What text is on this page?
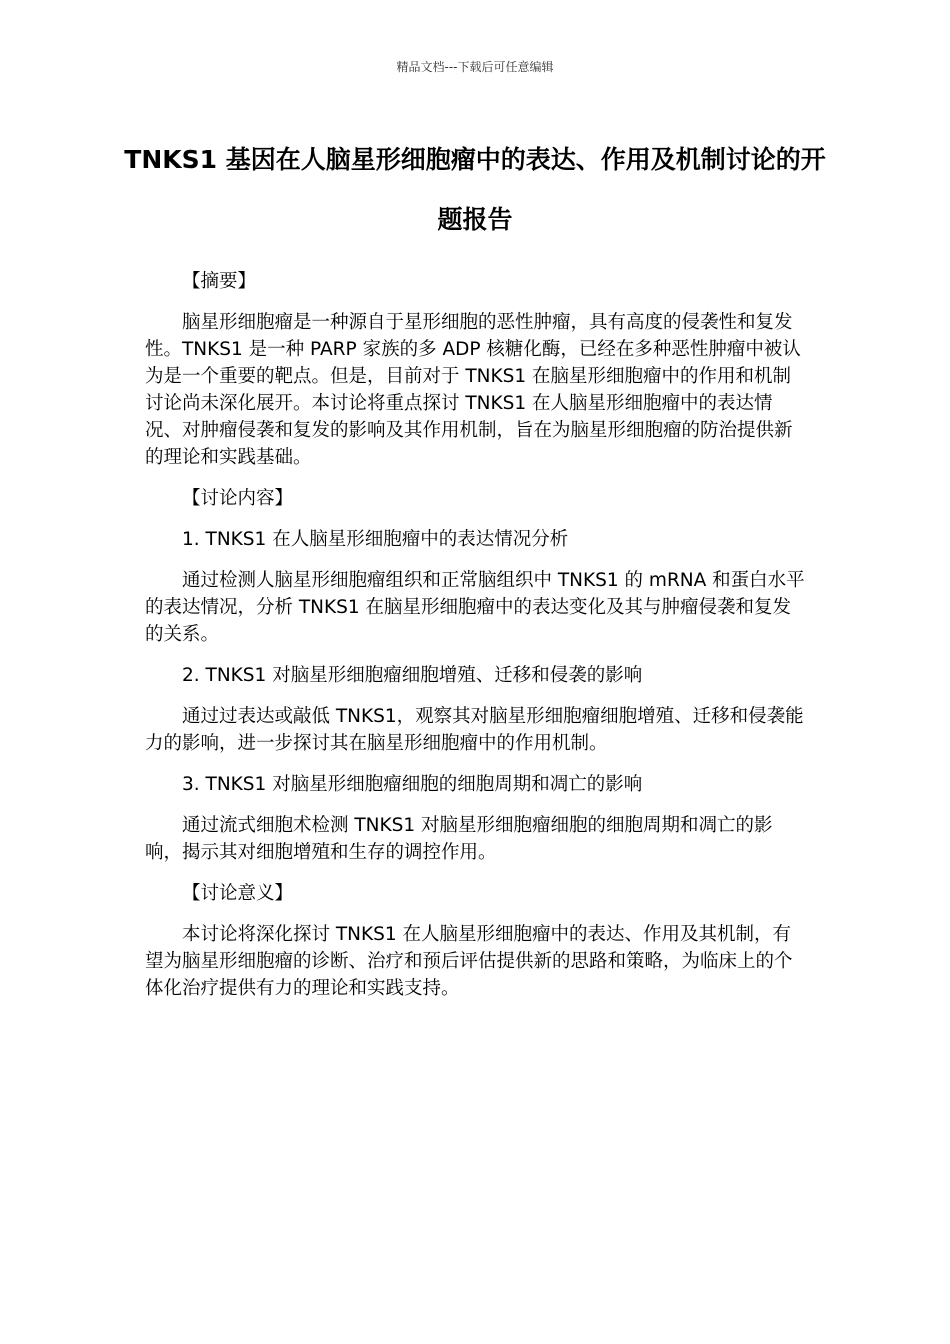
精品文档---下载后可任意编辑
TNKS1 基因在人脑星形细胞瘤中的表达、作用及机制讨论的开题报告

【摘要】

脑星形细胞瘤是一种源自于星形细胞的恶性肿瘤，具有高度的侵袭性和复发性。TNKS1 是一种 PARP 家族的多 ADP 核糖化酶，已经在多种恶性肿瘤中被认为是一个重要的靶点。但是，目前对于 TNKS1 在脑星形细胞瘤中的作用和机制讨论尚未深化展开。本讨论将重点探讨 TNKS1 在人脑星形细胞瘤中的表达情况、对肿瘤侵袭和复发的影响及其作用机制，旨在为脑星形细胞瘤的防治提供新的理论和实践基础。

【讨论内容】

1. TNKS1 在人脑星形细胞瘤中的表达情况分析

通过检测人脑星形细胞瘤组织和正常脑组织中 TNKS1 的 mRNA 和蛋白水平的表达情况，分析 TNKS1 在脑星形细胞瘤中的表达变化及其与肿瘤侵袭和复发的关系。

2. TNKS1 对脑星形细胞瘤细胞增殖、迁移和侵袭的影响

通过过表达或敲低 TNKS1，观察其对脑星形细胞瘤细胞增殖、迁移和侵袭能力的影响，进一步探讨其在脑星形细胞瘤中的作用机制。

3. TNKS1 对脑星形细胞瘤细胞的细胞周期和凋亡的影响

通过流式细胞术检测 TNKS1 对脑星形细胞瘤细胞的细胞周期和凋亡的影响，揭示其对细胞增殖和生存的调控作用。

【讨论意义】

本讨论将深化探讨 TNKS1 在人脑星形细胞瘤中的表达、作用及其机制，有望为脑星形细胞瘤的诊断、治疗和预后评估提供新的思路和策略，为临床上的个体化治疗提供有力的理论和实践支持。
